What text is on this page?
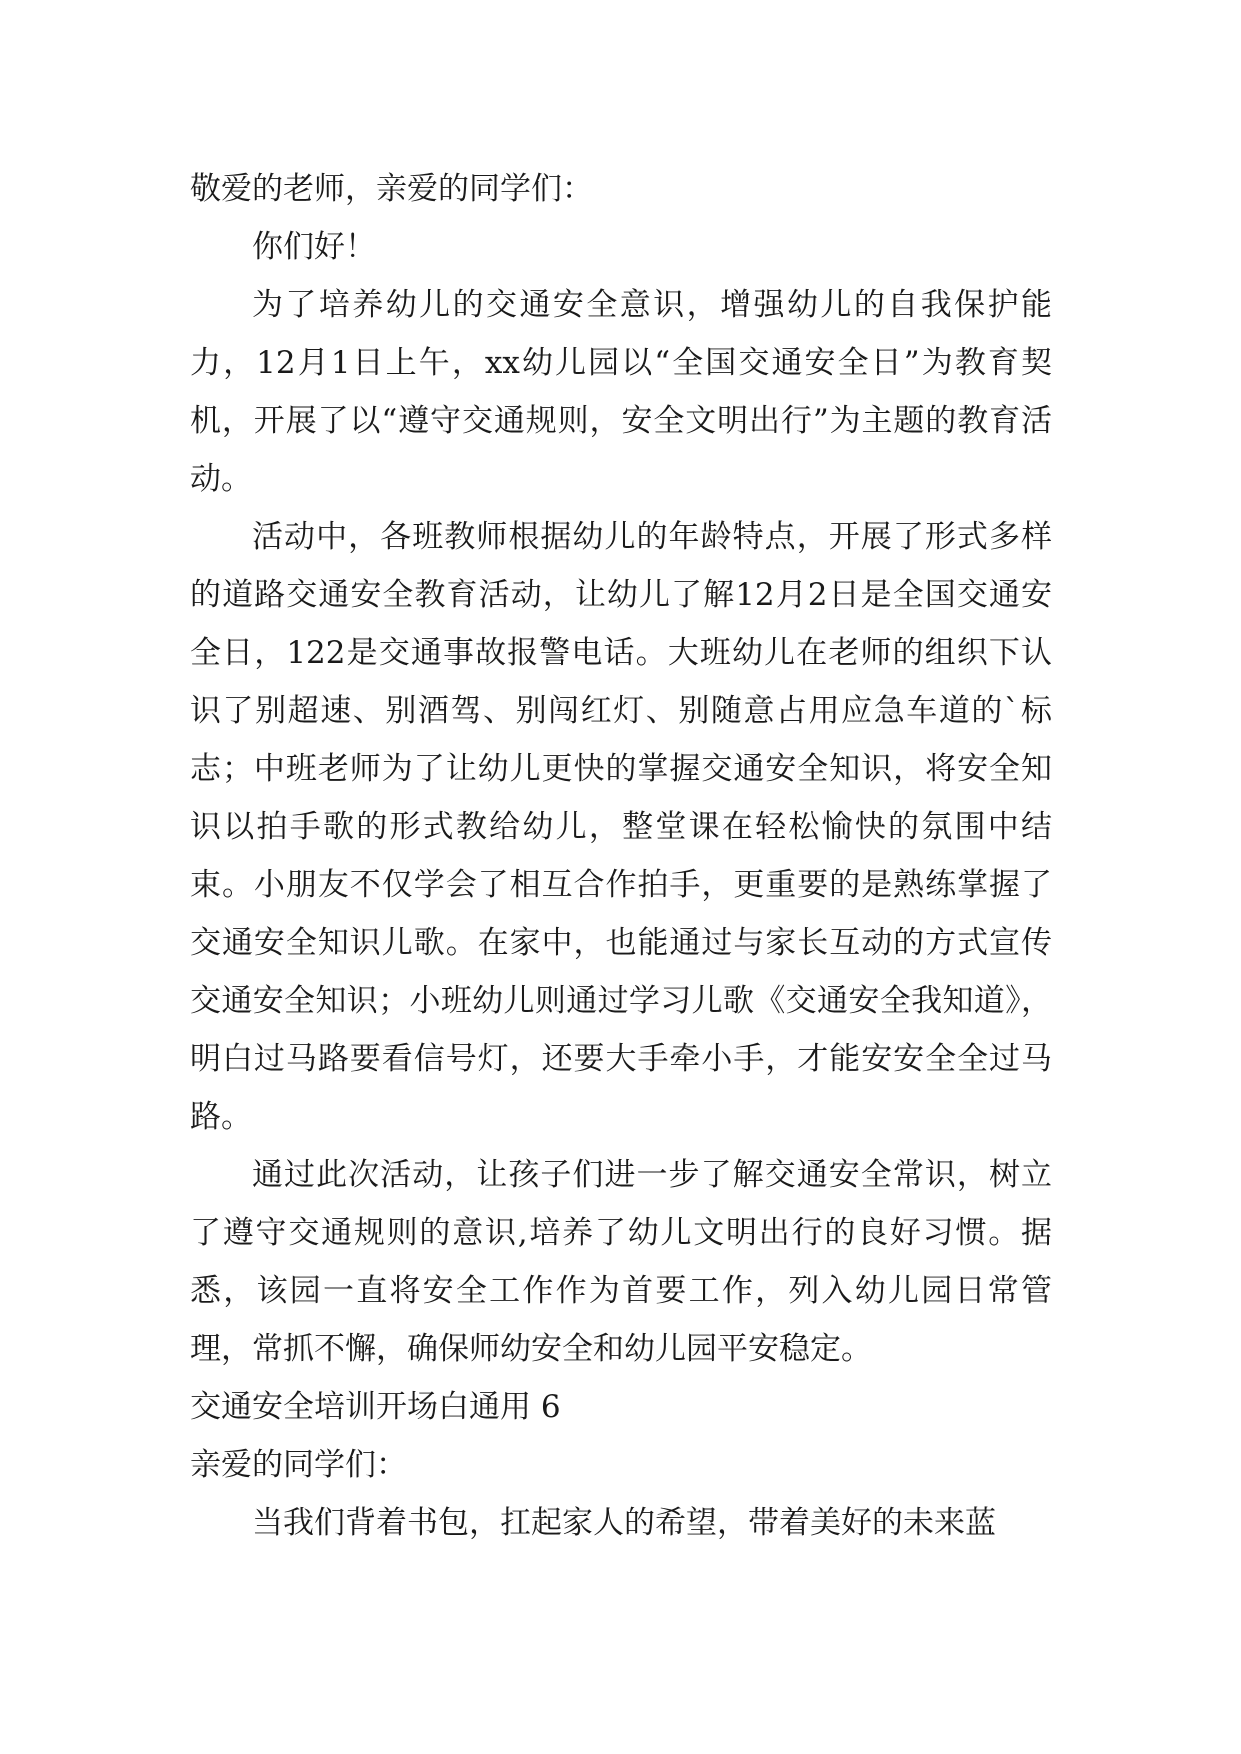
敬爱的老师，亲爱的同学们：

你们好！

为了培养幼儿的交通安全意识，增强幼儿的自我保护能力，12月1日上午，xx幼儿园以“全国交通安全日”为教育契机，开展了以“遵守交通规则，安全文明出行”为主题的教育活动。

活动中，各班教师根据幼儿的年龄特点，开展了形式多样的道路交通安全教育活动，让幼儿了解12月2日是全国交通安全日，122是交通事故报警电话。大班幼儿在老师的组织下认识了别超速、别酒驾、别闯红灯、别随意占用应急车道的`标志；中班老师为了让幼儿更快的掌握交通安全知识，将安全知识以拍手歌的形式教给幼儿，整堂课在轻松愉快的氛围中结束。小朋友不仅学会了相互合作拍手，更重要的是熟练掌握了交通安全知识儿歌。在家中，也能通过与家长互动的方式宣传交通安全知识；小班幼儿则通过学习儿歌《交通安全我知道》，明白过马路要看信号灯，还要大手牵小手，才能安安全全过马路。

通过此次活动，让孩子们进一步了解交通安全常识，树立了遵守交通规则的意识,培养了幼儿文明出行的良好习惯。据悉，该园一直将安全工作作为首要工作，列入幼儿园日常管理，常抓不懈，确保师幼安全和幼儿园平安稳定。

交通安全培训开场白通用 6

亲爱的同学们：

当我们背着书包，扛起家人的希望，带着美好的未来蓝
